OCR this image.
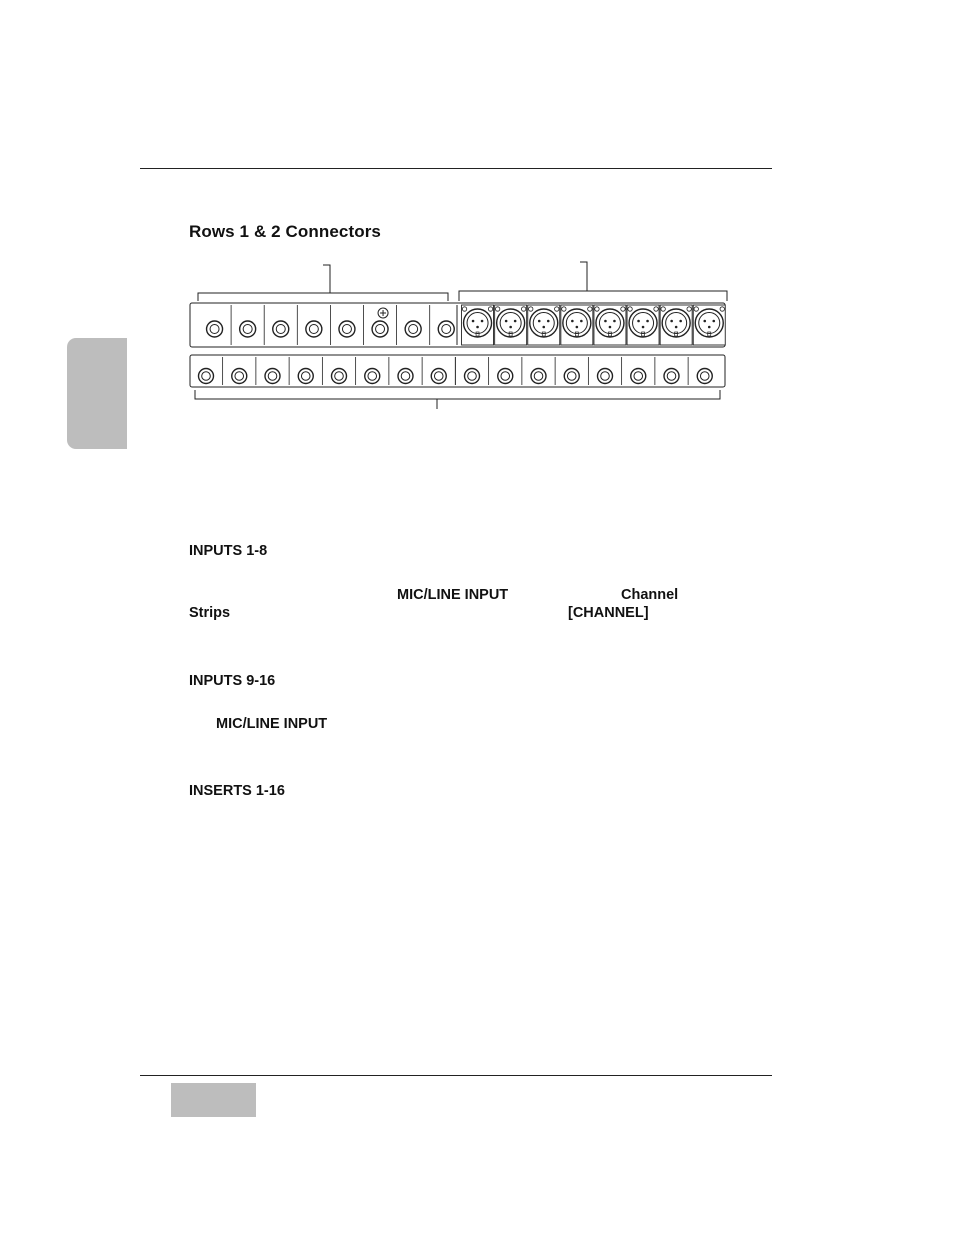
Rows 1 & 2 Connectors
INPUTS 1-8
MIC/LINE INPUT	Channel
Strips	[CHANNEL]
INPUTS 9-16
MIC/LINE INPUT
INSERTS 1-16
